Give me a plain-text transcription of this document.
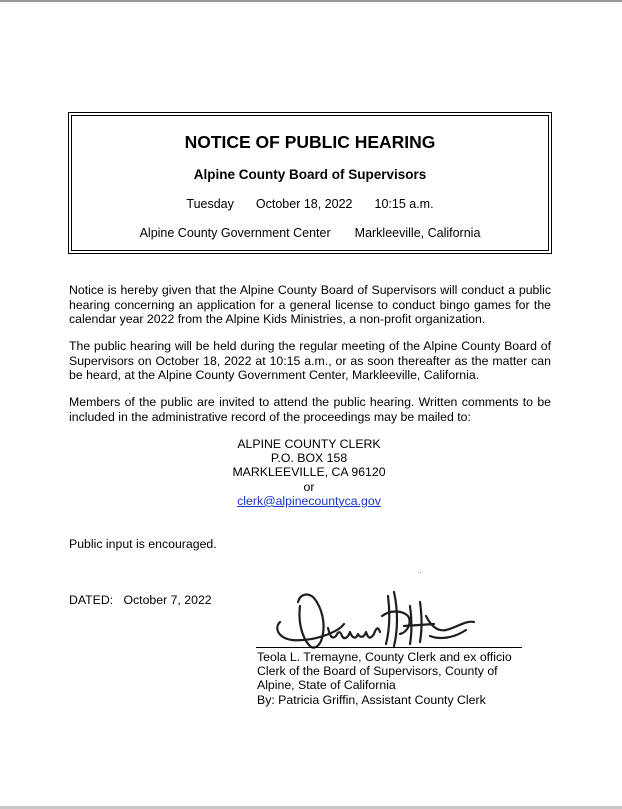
NOTICE OF PUBLIC HEARING
Alpine County Board of Supervisors
Tuesday October 18, 2022 10:15 a.m.
Alpine County Government Center Markleeville, California
Notice is hereby given that the Alpine County Board of Supervisors will conduct a public hearing concerning an application for a general license to conduct bingo games for the calendar year 2022 from the Alpine Kids Ministries, a non-profit organization.
The public hearing will be held during the regular meeting of the Alpine County Board of Supervisors on October 18, 2022 at 10:15 a.m., or as soon thereafter as the matter can be heard, at the Alpine County Government Center, Markleeville, California.
Members of the public are invited to attend the public hearing. Written comments to be included in the administrative record of the proceedings may be mailed to:
ALPINE COUNTY CLERK
P.O. BOX 158
MARKLEEVILLE, CA 96120
or
clerk@alpinecountyca.gov
Public input is encouraged.
DATED: October 7, 2022
Teola L. Tremayne, County Clerk and ex officio
Clerk of the Board of Supervisors, County of
Alpine, State of California
By: Patricia Griffin, Assistant County Clerk
